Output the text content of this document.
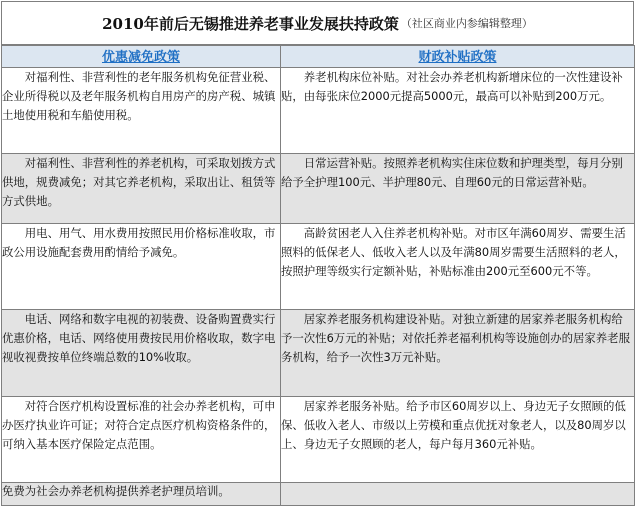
2010年前后无锡推进养老事业发展扶持政策 （社区商业内参编辑整理）
优惠减免政策	财政补贴政策

　　对福利性、非营利性的老年服务机构免征营业税、企业所得税以及老年服务机构自用房产的房产税、城镇土地使用税和车船使用税。	　　养老机构床位补贴。对社会办养老机构新增床位的一次性建设补贴，由每张床位2000元提高5000元，最高可以补贴到200万元。

　　对福利性、非营利性的养老机构，可采取划拨方式供地，规费减免；对其它养老机构，采取出让、租赁等方式供地。	　　日常运营补贴。按照养老机构实住床位数和护理类型，每月分别给予全护理100元、半护理80元、自理60元的日常运营补贴。

　　用电、用气、用水费用按照民用价格标准收取，市政公用设施配套费用酌情给予减免。	　　高龄贫困老人入住养老机构补贴。对市区年满60周岁、需要生活照料的低保老人、低收入老人以及年满80周岁需要生活照料的老人，按照护理等级实行定额补贴，补贴标准由200元至600元不等。

　　电话、网络和数字电视的初装费、设备购置费实行优惠价格，电话、网络使用费按民用价格收取，数字电视收视费按单位终端总数的10%收取。	　　居家养老服务机构建设补贴。对独立新建的居家养老服务机构给予一次性6万元的补贴；对依托养老福利机构等设施创办的居家养老服务机构，给予一次性3万元补贴。

　　对符合医疗机构设置标准的社会办养老机构，可申办医疗执业许可证；对符合定点医疗机构资格条件的，可纳入基本医疗保险定点范围。	　　居家养老服务补贴。给予市区60周岁以上、身边无子女照顾的低保、低收入老人、市级以上劳模和重点优抚对象老人，以及80周岁以上、身边无子女照顾的老人，每户每月360元补贴。

免费为社会办养老机构提供养老护理员培训。	
